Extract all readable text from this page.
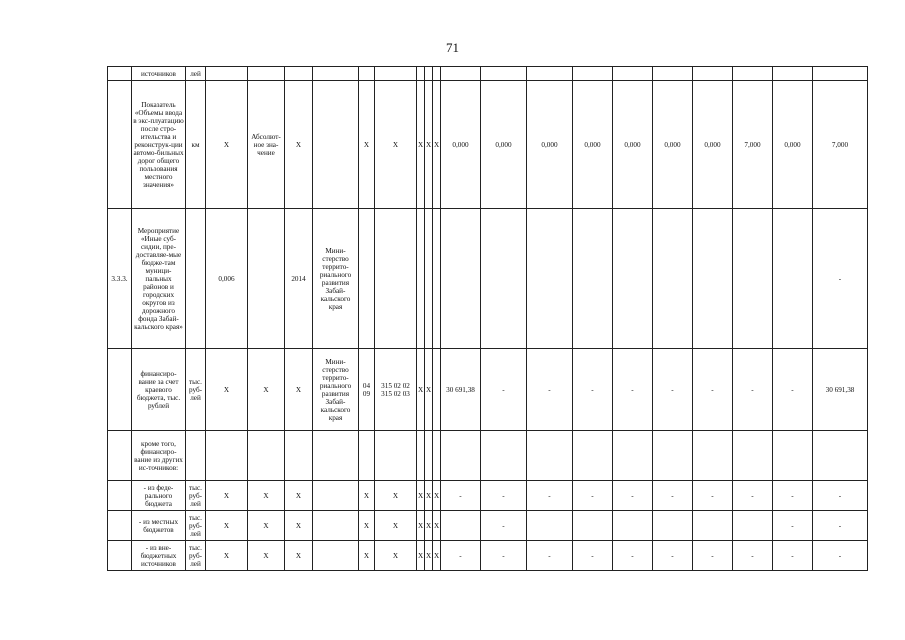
71
	источников	лей																				
	Показатель «Объемы ввода в экс-плуатацию после стро-ительства и реконструк-ции автомо-бильных дорог общего пользования местного значения»	км	X	Абсолют-ное зна-чение	X		X	X	X	X	X	0,000	0,000	0,000	0,000	0,000	0,000	0,000	7,000	0,000	7,000	
3.3.3.	Мероприятие «Иные суб-сидии, пре-доставляе-мые бюдже-там муници-пальных районов и городских округов из дорожного фонда Забай-кальского края»		0,006		2014	Мини-стерство террито-риального развития Забай-кальского края															-	
	финансиро-вание за счет краевого бюджета, тыс. рублей	тыс. руб-лей	X	X	X	Мини-стерство террито-риального развития Забай-кальского края	04 09	315 02 02 315 02 03	X	X		30 691,38	-	-	-	-	-	-	-	-	30 691,38	
	кроме того, финансиро-вание из других ис-точников:																					
	- из феде-рального бюджета	тыс. руб-лей	X	X	X		X	X	X	X	X	-	-	-	-	-	-	-	-	-	-	
	- из местных бюджетов	тыс. руб-лей	X	X	X		X	X	X	X	X		-							-	-	
	- из вне-бюджетных источников	тыс. руб-лей	X	X	X		X	X	X	X	X	-	-	-	-	-	-	-	-	-	-	
